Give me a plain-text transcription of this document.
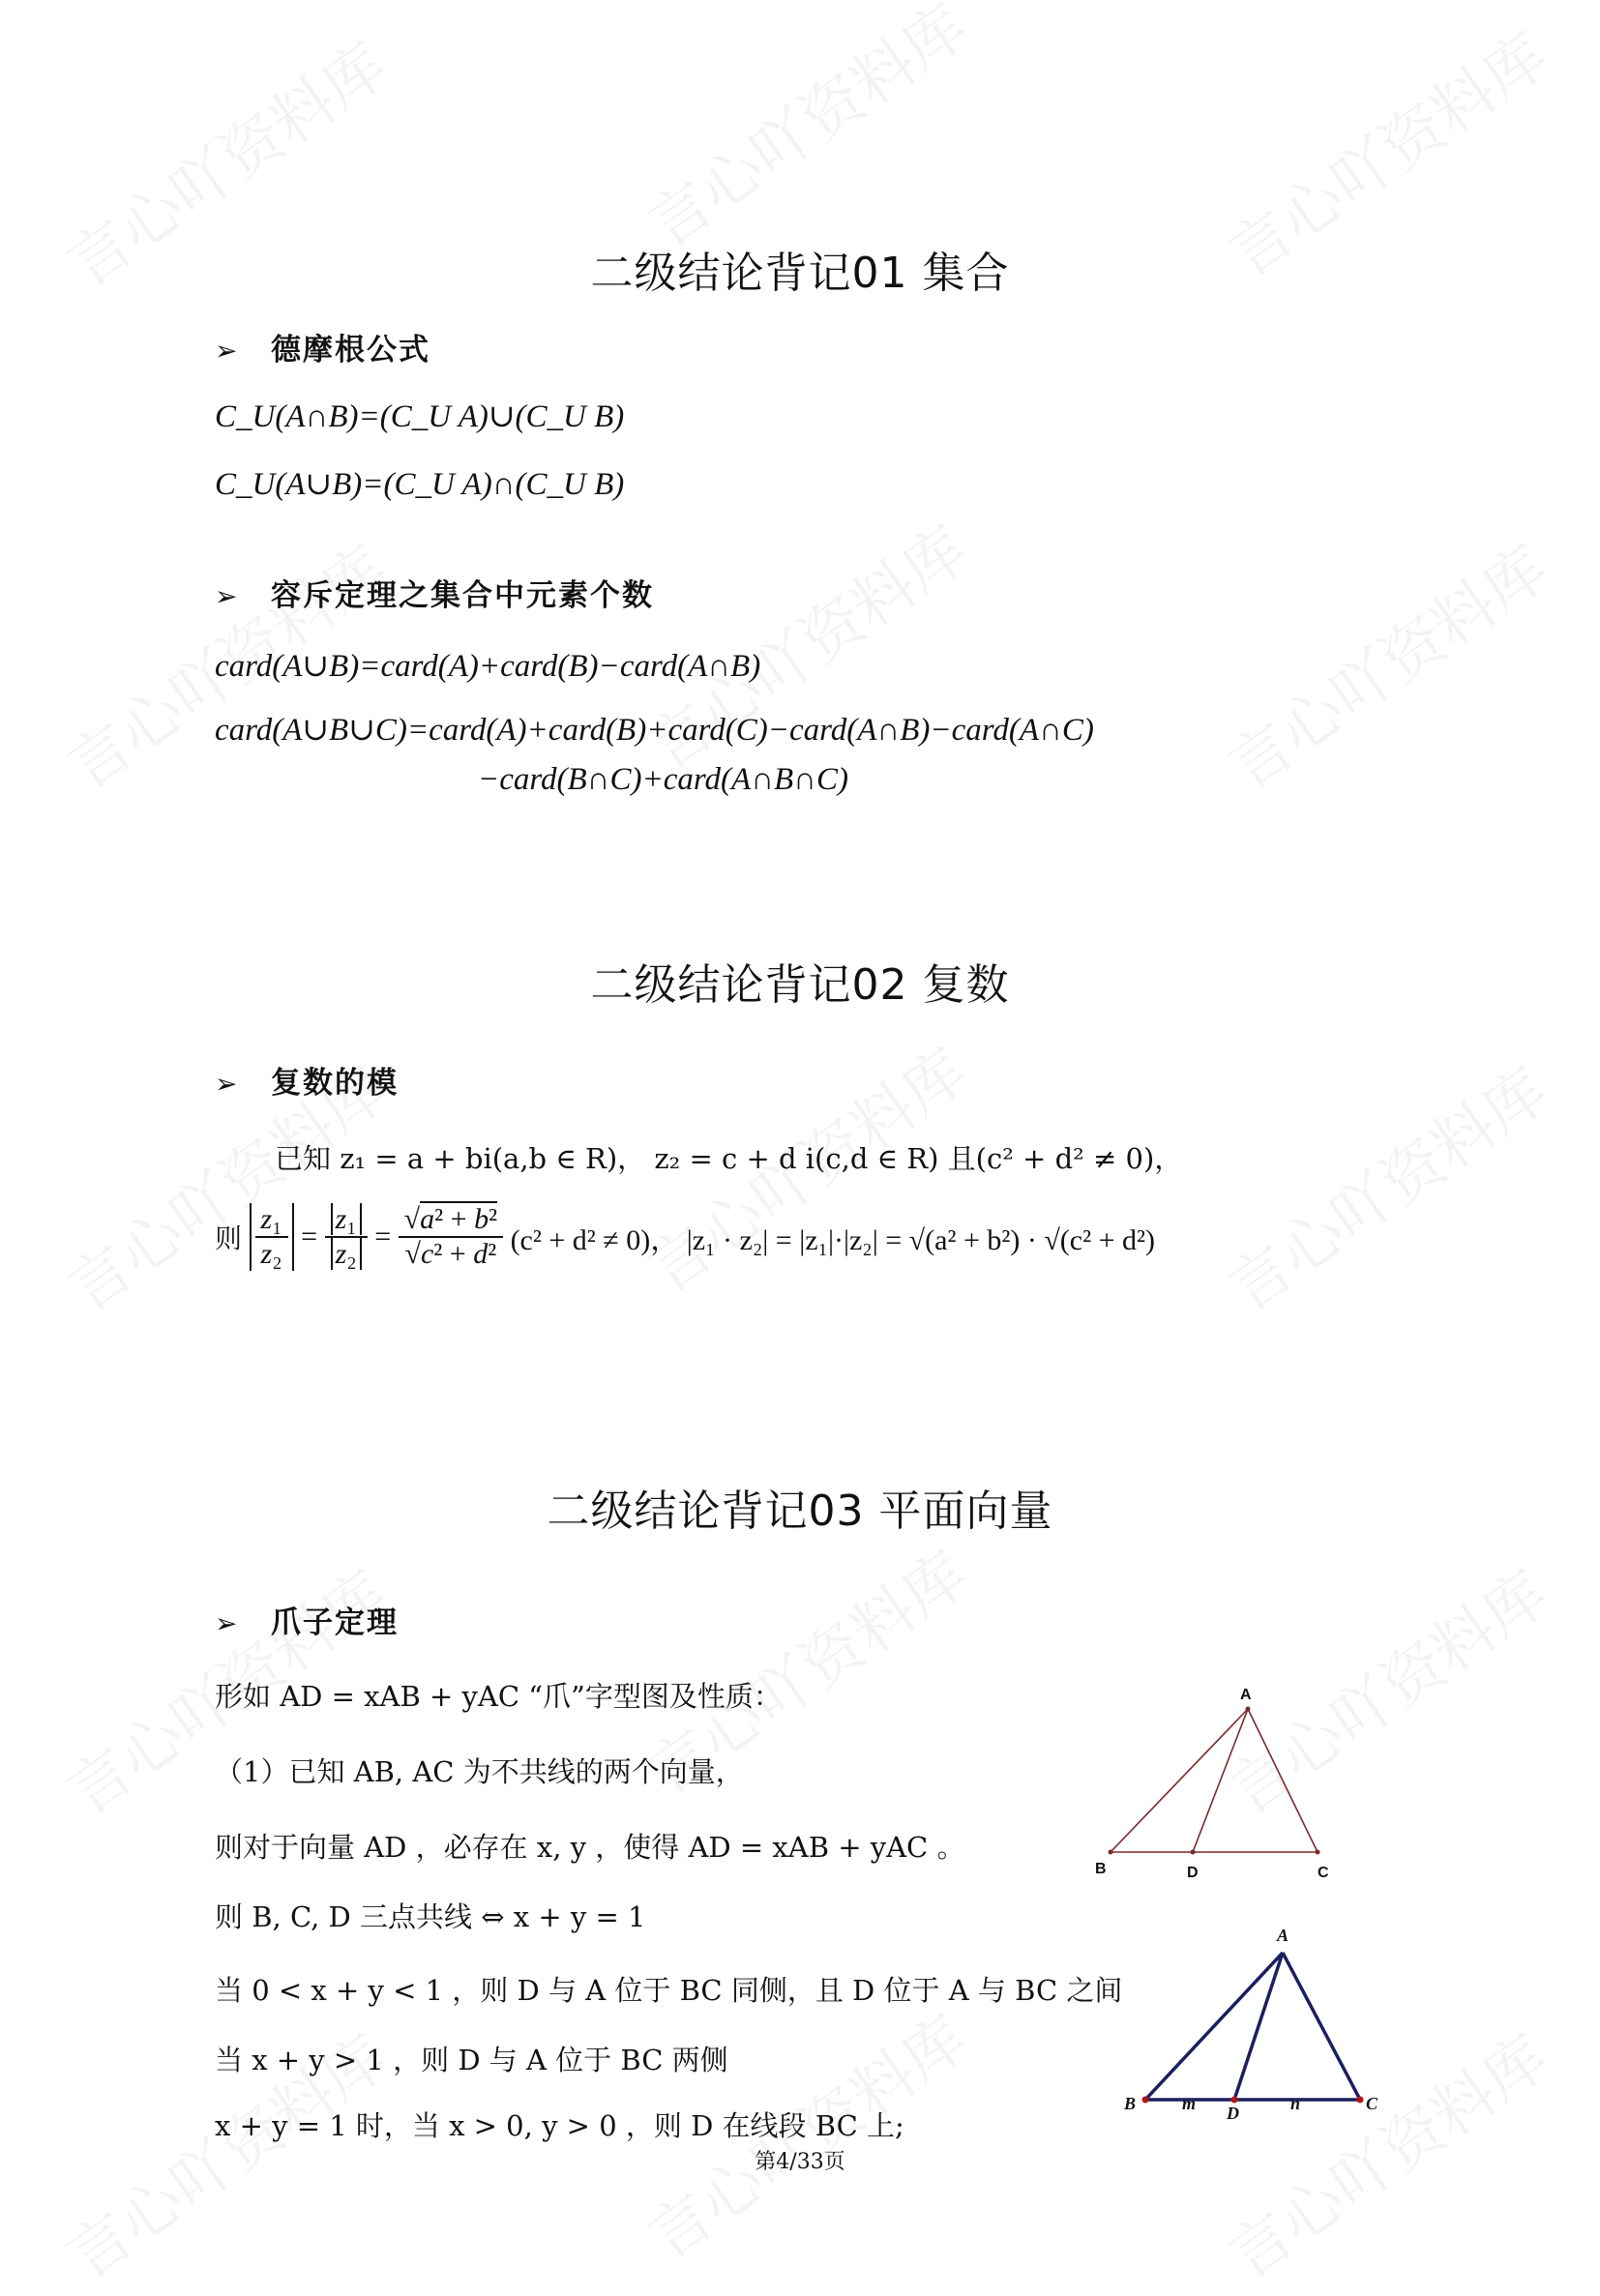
二级结论背记01 集合
➢ 德摩根公式
C_U(A∩B)=(C_U A)∪(C_U B)
C_U(A∪B)=(C_U A)∩(C_U B)
➢ 容斥定理之集合中元素个数
card(A∪B)=card(A)+card(B)−card(A∩B)
card(A∪B∪C)=card(A)+card(B)+card(C)−card(A∩B)−card(A∩C)
−card(B∩C)+card(A∩B∩C)
二级结论背记02 复数
➢ 复数的模
已知 z₁ = a + bi(a,b ∈ R)， z₂ = c + d i(c,d ∈ R) 且(c² + d² ≠ 0)，
则 $\frac{\text{z₁}}{\text{z₂}} = \frac{\text{z₁}}{\text{z₂}} = \frac{\text{√a² + b²}}{\text{√c² + d²}} (c^2 + d^2 \ne 0)$， |z₁ · z₂| = |z₁|·|z₂| = √(a² + b²) · √(c² + d²)
二级结论背记03 平面向量
➢ 爪子定理
形如 AD = xAB + yAC “爪”字型图及性质：
（1）已知 AB, AC 为不共线的两个向量，
则对于向量 AD ，必存在 x, y ，使得 AD = xAB + yAC 。
则 B, C, D 三点共线 ⇔ x + y = 1
当 0 < x + y < 1 ，则 D 与 A 位于 BC 同侧，且 D 位于 A 与 BC 之间
当 x + y > 1 ，则 D 与 A 位于 BC 两侧
x + y = 1 时，当 x > 0, y > 0 ，则 D 在线段 BC 上;
A
B	D	C
A
B	m D	n	C
第4/33页
